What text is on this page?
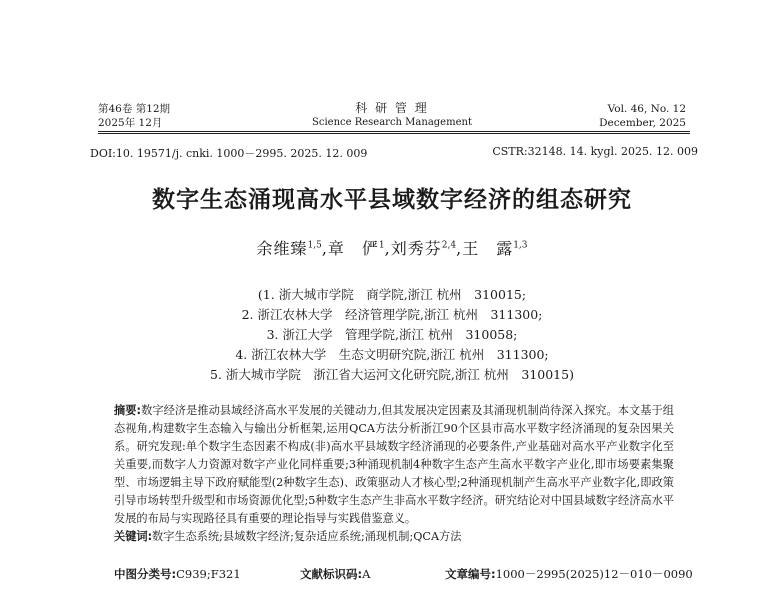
第46卷 第12期
2025年 12月
科 研 管 理
Science Research Management
Vol. 46, No. 12
December, 2025
DOI:10. 19571/j. cnki. 1000－2995. 2025. 12. 009	CSTR:32148. 14. kygl. 2025. 12. 009
数字生态涌现高水平县域数字经济的组态研究
余维臻$^{1,5}$,章　俨$^1$,刘秀芬$^{2,4}$,王　露$^{1,3}$
(1. 浙大城市学院　商学院,浙江 杭州　310015;
2. 浙江农林大学　经济管理学院,浙江 杭州　311300;
3. 浙江大学　管理学院,浙江 杭州　310058;
4. 浙江农林大学　生态文明研究院,浙江 杭州　311300;
5. 浙大城市学院　浙江省大运河文化研究院,浙江 杭州　310015)
摘要:数字经济是推动县域经济高水平发展的关键动力,但其发展决定因素及其涌现机制尚待深入探究。本文基于组态视角,构建数字生态输入与输出分析框架,运用QCA方法分析浙江90个区县市高水平数字经济涌现的复杂因果关系。研究发现:单个数字生态因素不构成(非)高水平县域数字经济涌现的必要条件,产业基础对高水平产业数字化至关重要,而数字人力资源对数字产业化同样重要;3种涌现机制4种数字生态产生高水平数字产业化,即市场要素集聚型、市场逻辑主导下政府赋能型(2种数字生态)、政策驱动人才核心型;2种涌现机制产生高水平产业数字化,即政策引导市场转型升级型和市场资源优化型;5种数字生态产生非高水平数字经济。研究结论对中国县域数字经济高水平发展的布局与实现路径具有重要的理论指导与实践借鉴意义。
关键词:数字生态系统;县域数字经济;复杂适应系统;涌现机制;QCA方法
中图分类号:C939;F321	文献标识码:A	文章编号:1000－2995(2025)12－010－0090
